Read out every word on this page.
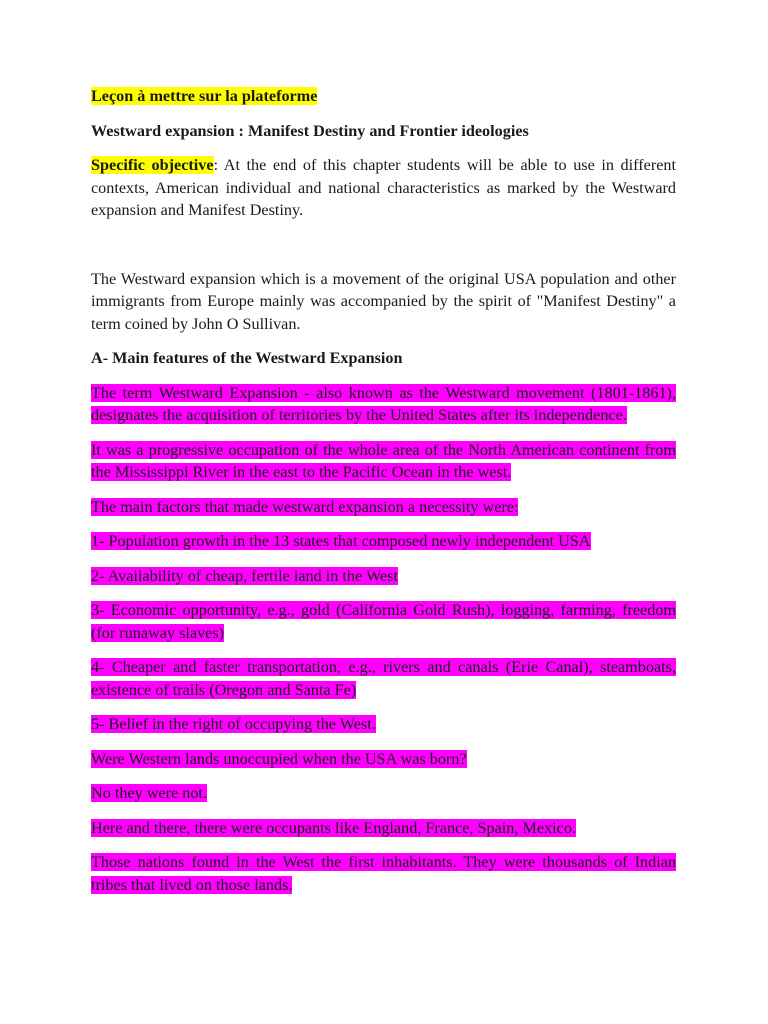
Leçon à mettre sur la plateforme

Westward expansion : Manifest Destiny and Frontier ideologies

Specific objective: At the end of this chapter students will be able to use in different contexts, American individual and national characteristics as marked by the Westward expansion and Manifest Destiny.

The Westward expansion which is a movement of the original USA population and other immigrants from Europe mainly was accompanied by the spirit of "Manifest Destiny" a term coined by John O Sullivan.

A- Main features of the Westward Expansion

The term Westward Expansion - also known as the Westward movement (1801-1861), designates the acquisition of territories by the United States after its independence.

It was a progressive occupation of the whole area of the North American continent from the Mississippi River in the east to the Pacific Ocean in the west.

The main factors that made westward expansion a necessity were:

1- Population growth in the 13 states that composed newly independent USA

2- Availability of cheap, fertile land in the West

3- Economic opportunity, e.g., gold (California Gold Rush), logging, farming, freedom (for runaway slaves)

4- Cheaper and faster transportation, e.g., rivers and canals (Erie Canal), steamboats, existence of trails (Oregon and Santa Fe)

5- Belief in the right of occupying the West.

Were Western lands unoccupied when the USA was born?

No they were not.

Here and there, there were occupants like England, France, Spain, Mexico.

Those nations found in the West the first inhabitants. They were thousands of Indian tribes that lived on those lands.
